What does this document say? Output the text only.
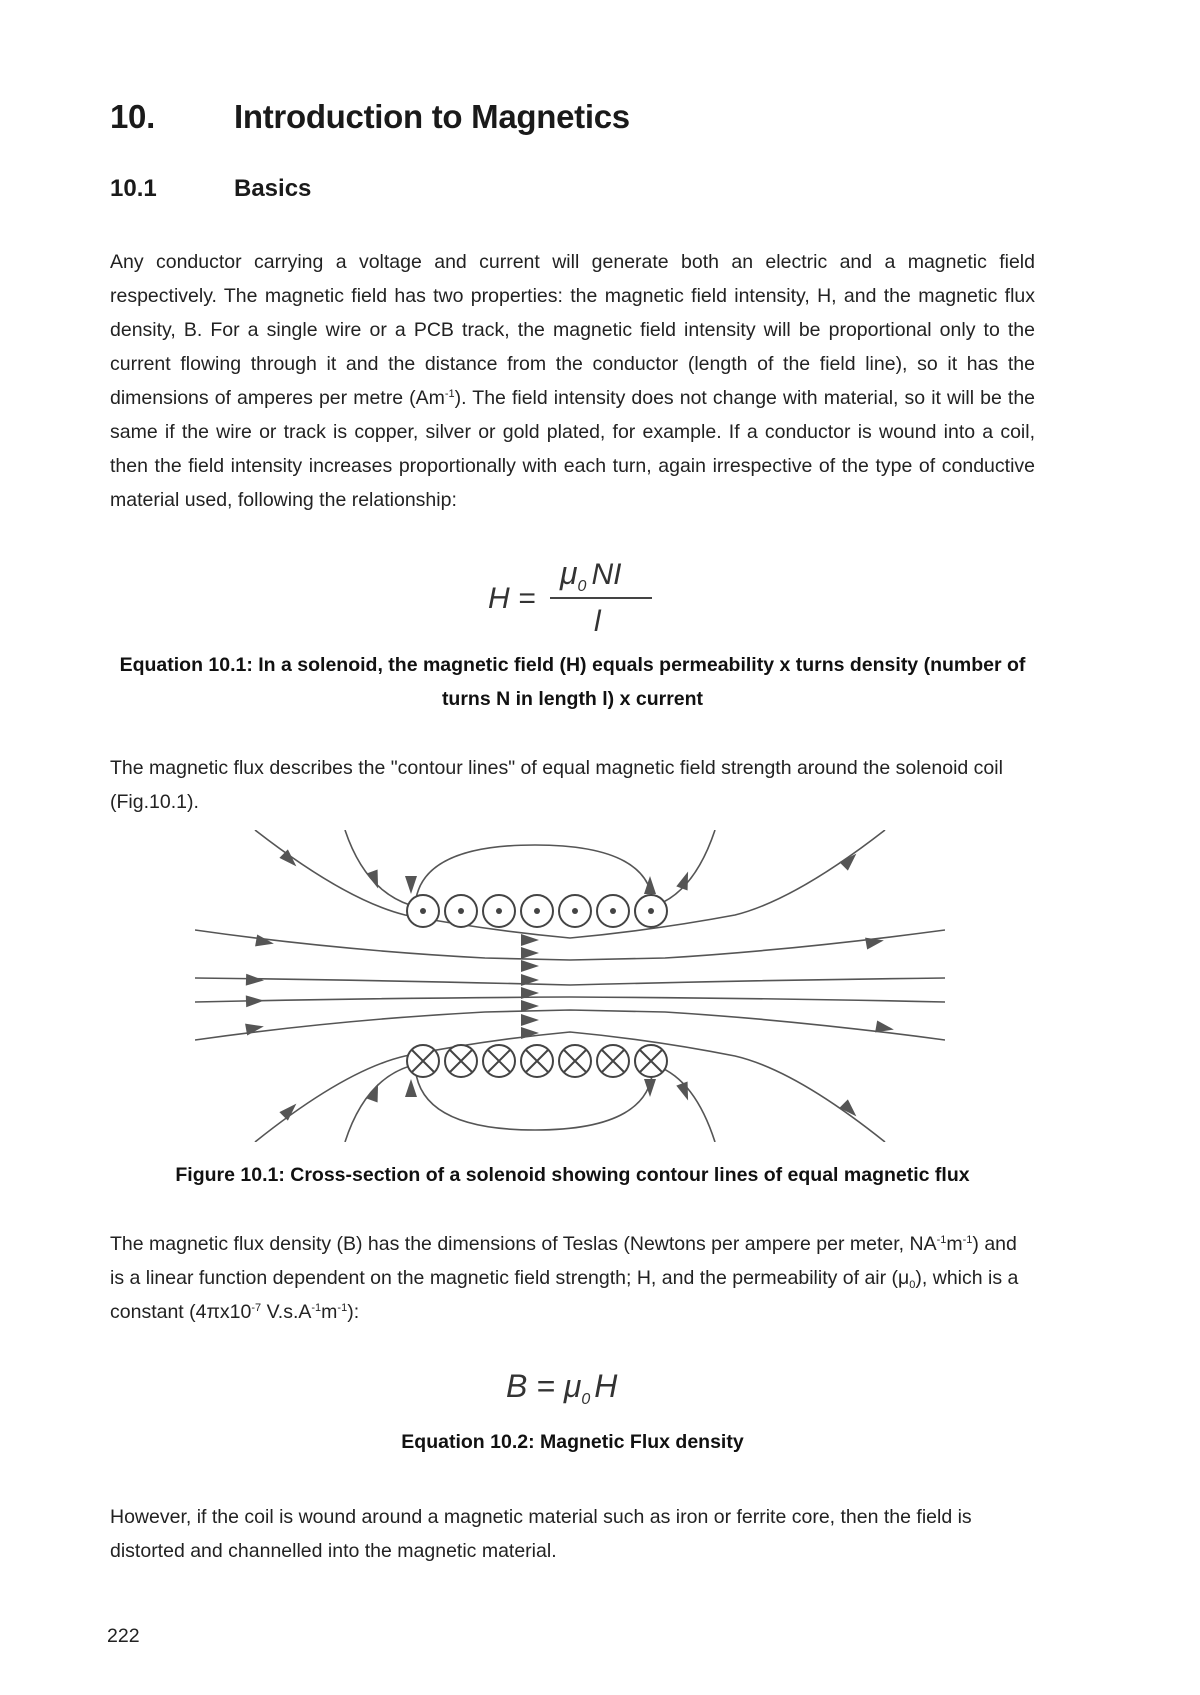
10. Introduction to Magnetics
10.1	Basics

Any conductor carrying a voltage and current will generate both an electric and a magnetic field respectively. The magnetic field has two properties: the magnetic field intensity, H, and the magnetic flux density, B. For a single wire or a PCB track, the magnetic field intensity will be proportional only to the current flowing through it and the distance from the conductor (length of the field line), so it has the dimensions of amperes per metre $(Am^{-1})$. The field intensity does not change with material, so it will be the same if the wire or track is copper, silver or gold plated, for example. If a conductor is wound into a coil, then the field intensity increases proportionally with each turn, again irrespective of the type of conductive material used, following the relationship:

H =
$\mu_0$ NI
l

Equation 10.1: In a solenoid, the magnetic field (H) equals permeability x turns density (number of turns N in length l) x current

The magnetic flux describes the "contour lines" of equal magnetic field strength around the solenoid coil (Fig.10.1).

Figure 10.1: Cross-section of a solenoid showing contour lines of equal magnetic flux

The magnetic flux density (B) has the dimensions of Teslas (Newtons per ampere per meter, $NA^{-1}m^{-1}$) and is a linear function dependent on the magnetic field strength; H, and the permeability of air $(\mu_0)$, which is a constant ($4\pi x10^{-7}$ $V.s.A^{-1}m^{-1}$):

$B = \mu_0$ H

Equation 10.2: Magnetic Flux density

However, if the coil is wound around a magnetic material such as iron or ferrite core, then the field is distorted and channelled into the magnetic material.

222
